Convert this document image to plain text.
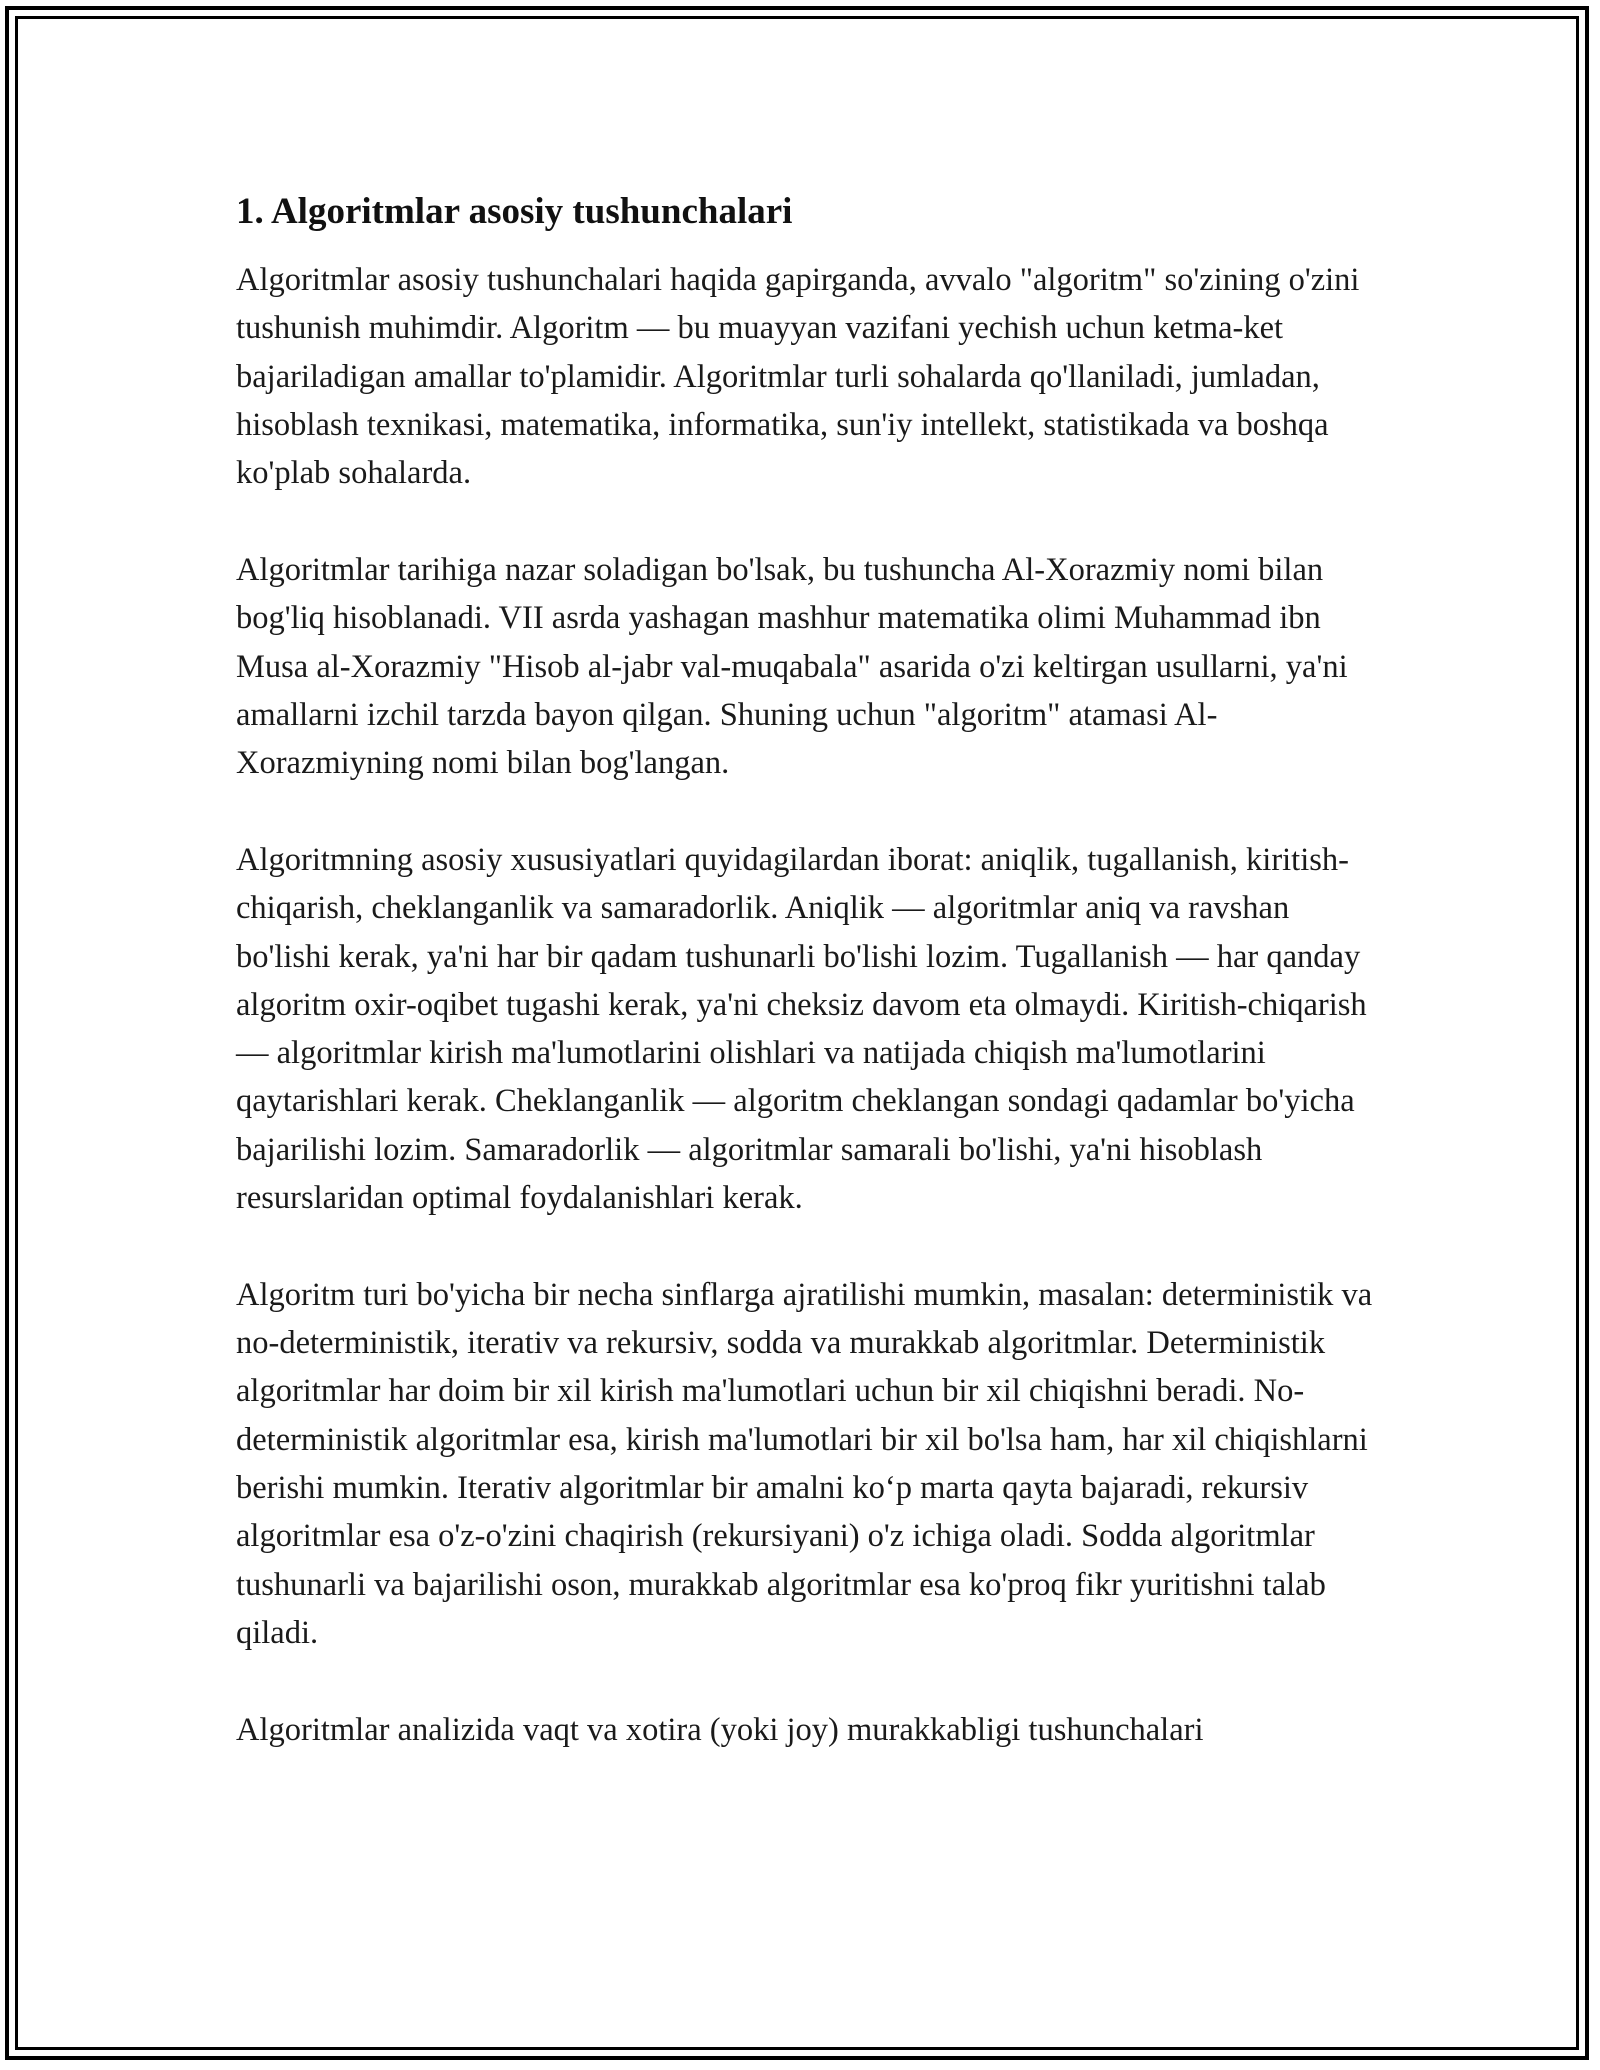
1. Algoritmlar asosiy tushunchalari

Algoritmlar asosiy tushunchalari haqida gapirganda, avvalo "algoritm" so'zining o'zini tushunish muhimdir. Algoritm — bu muayyan vazifani yechish uchun ketma-ket bajariladigan amallar to'plamidir. Algoritmlar turli sohalarda qo'llaniladi, jumladan, hisoblash texnikasi, matematika, informatika, sun'iy intellekt, statistikada va boshqa ko'plab sohalarda.

Algoritmlar tarihiga nazar soladigan bo'lsak, bu tushuncha Al-Xorazmiy nomi bilan bog'liq hisoblanadi. VII asrda yashagan mashhur matematika olimi Muhammad ibn Musa al-Xorazmiy "Hisob al-jabr val-muqabala" asarida o'zi keltirgan usullarni, ya'ni amallarni izchil tarzda bayon qilgan. Shuning uchun "algoritm" atamasi Al-Xorazmiyning nomi bilan bog'langan.

Algoritmning asosiy xususiyatlari quyidagilardan iborat: aniqlik, tugallanish, kiritish-chiqarish, cheklanganlik va samaradorlik. Aniqlik — algoritmlar aniq va ravshan bo'lishi kerak, ya'ni har bir qadam tushunarli bo'lishi lozim. Tugallanish — har qanday algoritm oxir-oqibet tugashi kerak, ya'ni cheksiz davom eta olmaydi. Kiritish-chiqarish — algoritmlar kirish ma'lumotlarini olishlari va natijada chiqish ma'lumotlarini qaytarishlari kerak. Cheklanganlik — algoritm cheklangan sondagi qadamlar bo'yicha bajarilishi lozim. Samaradorlik — algoritmlar samarali bo'lishi, ya'ni hisoblash resurslaridan optimal foydalanishlari kerak.

Algoritm turi bo'yicha bir necha sinflarga ajratilishi mumkin, masalan: deterministik va no-deterministik, iterativ va rekursiv, sodda va murakkab algoritmlar. Deterministik algoritmlar har doim bir xil kirish ma'lumotlari uchun bir xil chiqishni beradi. No-deterministik algoritmlar esa, kirish ma'lumotlari bir xil bo'lsa ham, har xil chiqishlarni berishi mumkin. Iterativ algoritmlar bir amalni ko‘p marta qayta bajaradi, rekursiv algoritmlar esa o'z-o'zini chaqirish (rekursiyani) o'z ichiga oladi. Sodda algoritmlar tushunarli va bajarilishi oson, murakkab algoritmlar esa ko'proq fikr yuritishni talab qiladi.

Algoritmlar analizida vaqt va xotira (yoki joy) murakkabligi tushunchalari
